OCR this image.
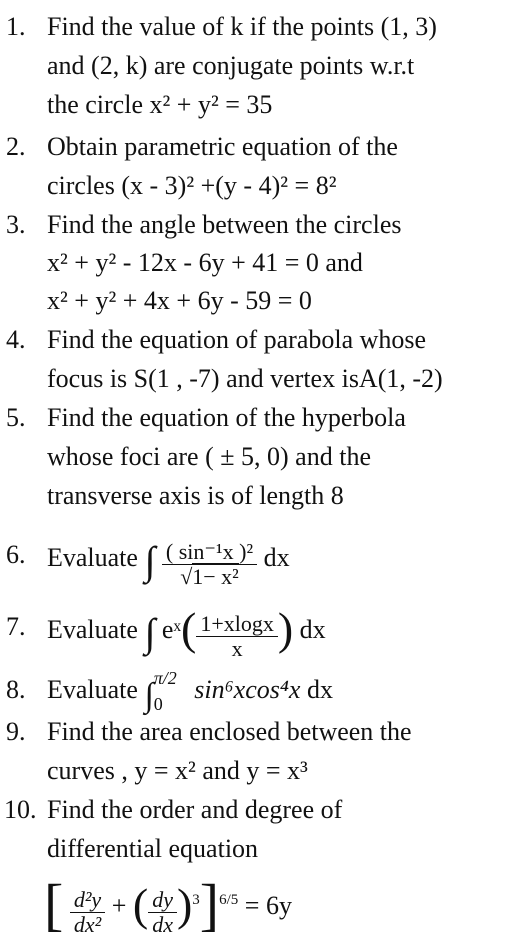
1. Find the value of k if the points (1, 3)
and (2, k) are conjugate points w.r.t
the circle x² + y² = 35
2. Obtain parametric equation of the
circles (x - 3)² +(y - 4)² = 8²
3. Find the angle between the circles
x² + y² - 12x - 6y + 41 = 0 and
x² + y² + 4x + 6y - 59 = 0
4. Find the equation of parabola whose
focus is S(1 , -7) and vertex isA(1, -2)
5. Find the equation of the hyperbola
whose foci are ( ± 5, 0) and the
transverse axis is of length 8
6. Evaluate ∫ $\frac{\text{( sin⁻¹x )²}}{\text{√1− x²}}$ dx
7. Evaluate ∫ eˣ( $\frac{1+xlogx}{x}$ ) dx
8. Evaluate ∫ π/2
0 sin⁶xcos⁴x dx
9. Find the area enclosed between the
curves , y = x² and y = x³
10. Find the order and degree of
differential equation
[ $\frac{\text{d²y}}{\text{dx²}}$ + ( $\frac{dy}{dx} )^3]^{6/5} = 6y$
